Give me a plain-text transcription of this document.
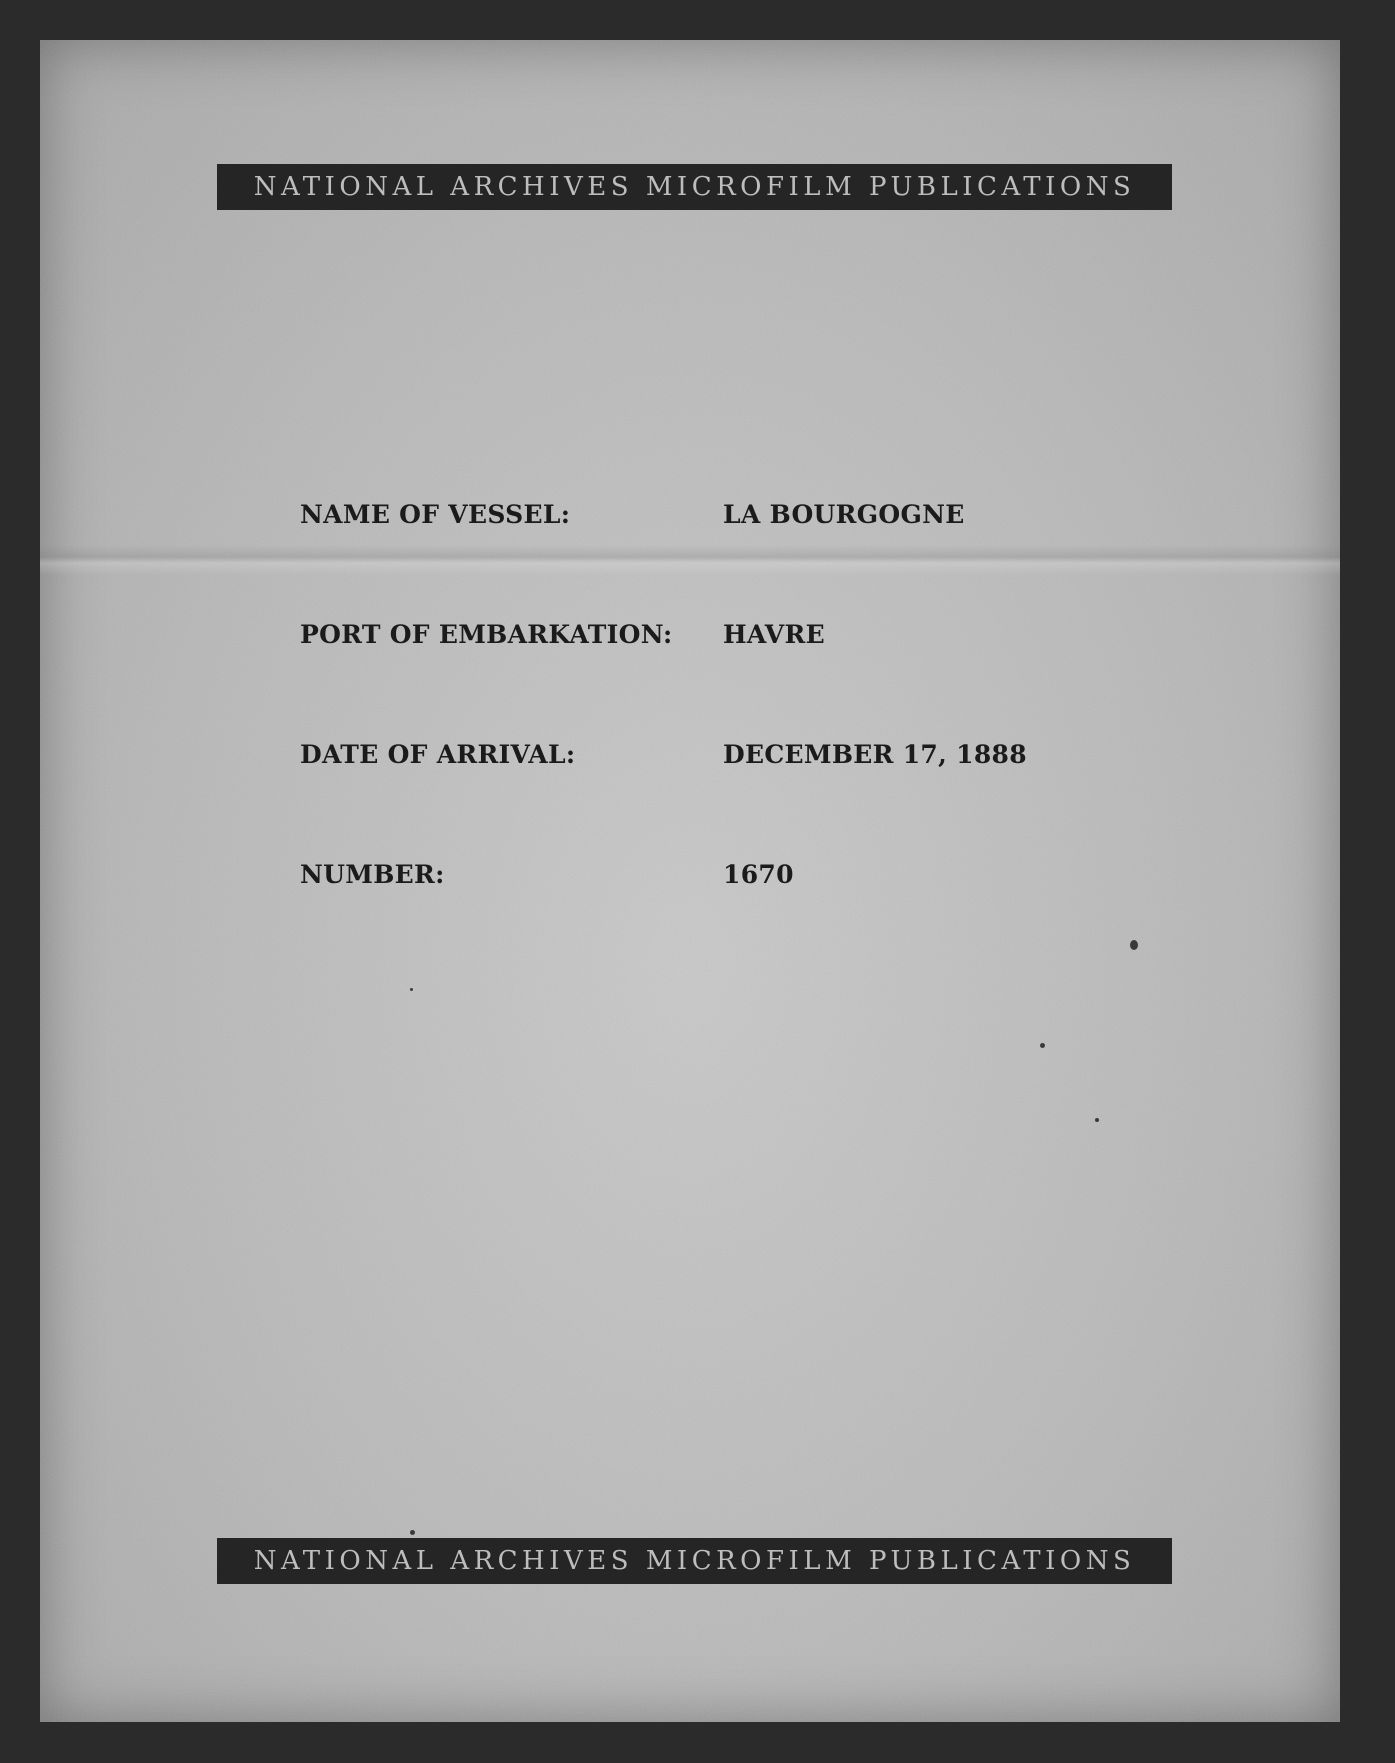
NATIONAL ARCHIVES MICROFILM PUBLICATIONS
NAME OF VESSEL:	LA BOURGOGNE
PORT OF EMBARKATION: HAVRE
DATE OF ARRIVAL:	DECEMBER 17, 1888
NUMBER:	1670
NATIONAL ARCHIVES MICROFILM PUBLICATIONS
